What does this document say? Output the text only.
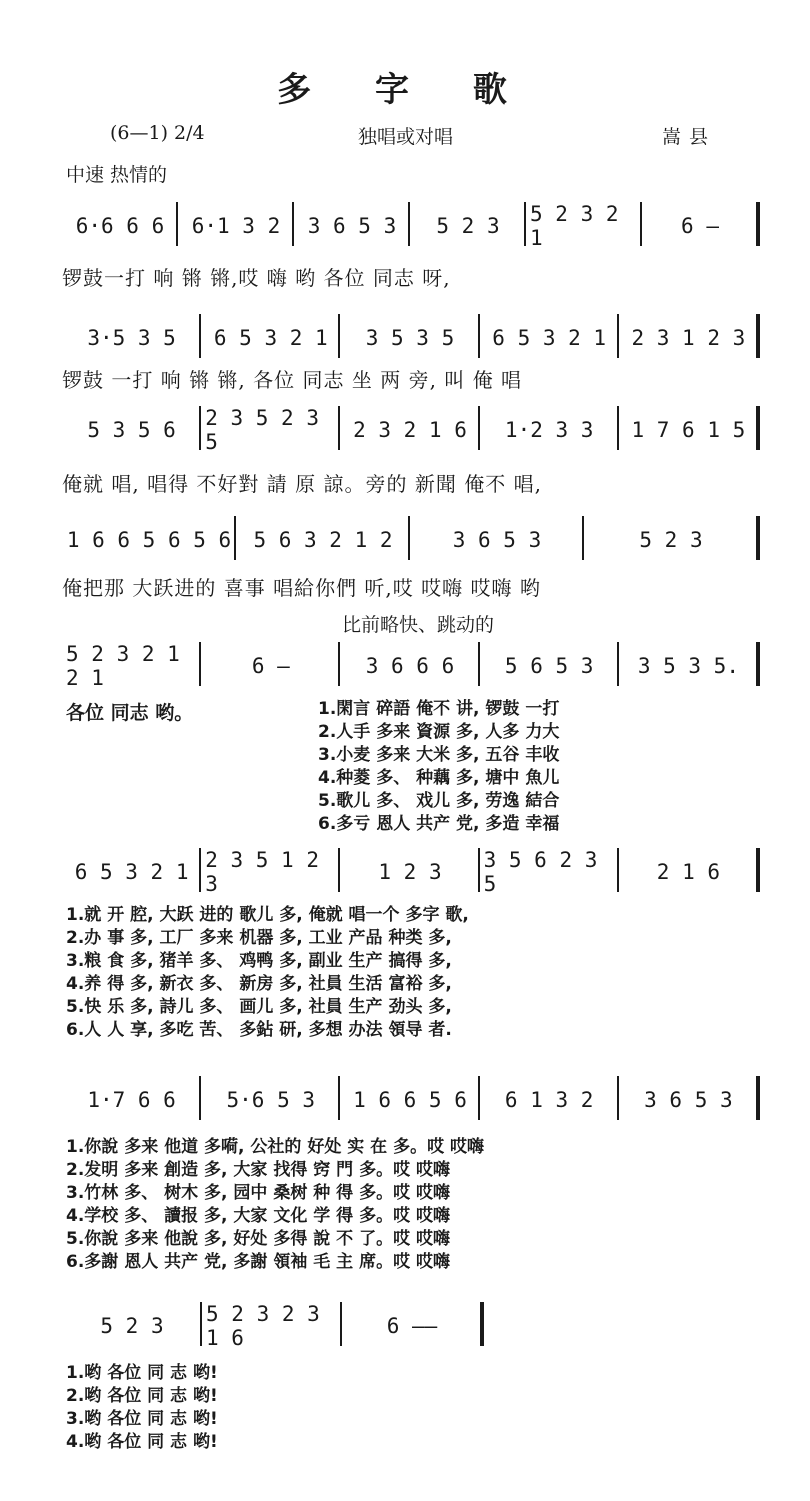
多 字 歌
(6—1) 2/4	独唱或对唱	嵩县
中速 热情的
6·6 6 6	6·1 3 2	3 6 5 3	5 2 3	5 2 3 2 1	6 —
锣鼓一打 响 锵 锵,哎 嗨 哟 各位 同志 呀,
3·5 3 5	6 5 3 2 1	3 5 3 5	6 5 3 2 1	2 3 1 2 3
锣鼓 一打 响 锵 锵, 各位 同志 坐 两 旁, 叫 俺 唱
5 3 5 6	2 3 5 2 3 5	2 3 2 1 6	1·2 3 3	1 7 6 1 5
俺就 唱, 唱得 不好對 請 原 諒。旁的 新聞 俺不 唱,
1 6 6 5 6 5 6	5 6 3 2 1 2	3 6 5 3	5 2 3
俺把那 大跃进的 喜事 唱給你們 听,哎 哎嗨 哎嗨 哟
比前略快、跳动的
5 2 3 2 1 2 1	6 —	3 6 6 6	5 6 5 3	3 5 3 5.
各位 同志 哟。	1.閑言 碎語 俺不 讲, 锣鼓 一打
2.人手 多来 資源 多, 人多 力大
3.小麦 多来 大米 多, 五谷 丰收
4.种菱 多、 种藕 多, 塘中 魚儿
5.歌儿 多、 戏儿 多, 劳逸 結合
6.多亏 恩人 共产 党, 多造 幸福
6 5 3 2 1 2 3 5 1 2 3	1 2 3	3 5 6 2 3 5	2 1 6
1.就 开 腔, 大跃 进的 歌儿 多, 俺就 唱一个 多字 歌,
2.办 事 多, 工厂 多来 机器 多, 工业 产品 种类 多,
3.粮 食 多, 猪羊 多、 鸡鸭 多, 副业 生产 搞得 多,
4.养 得 多, 新衣 多、 新房 多, 社員 生活 富裕 多,
5.快 乐 多, 詩儿 多、 画儿 多, 社員 生产 劲头 多,
6.人 人 享, 多吃 苦、 多鉆 研, 多想 办法 領导 者.
1·7 6 6	5·6 5 3	1 6 6 5 6	6 1 3 2	3 6 5 3
1.你說 多来 他道 多嗬, 公社的 好处 实 在 多。哎 哎嗨
2.发明 多来 創造 多, 大家 找得 窍 門 多。哎 哎嗨
3.竹林 多、 树木 多, 园中 桑树 种 得 多。哎 哎嗨
4.学校 多、 讀报 多, 大家 文化 学 得 多。哎 哎嗨
5.你說 多来 他說 多, 好处 多得 說 不 了。哎 哎嗨
6.多謝 恩人 共产 党, 多謝 領袖 毛 主 席。哎 哎嗨
5 2 3	5 2 3 2 3 1 6	6 ——
1.哟 各位 同 志 哟!
2.哟 各位 同 志 哟!
3.哟 各位 同 志 哟!
4.哟 各位 同 志 哟!
